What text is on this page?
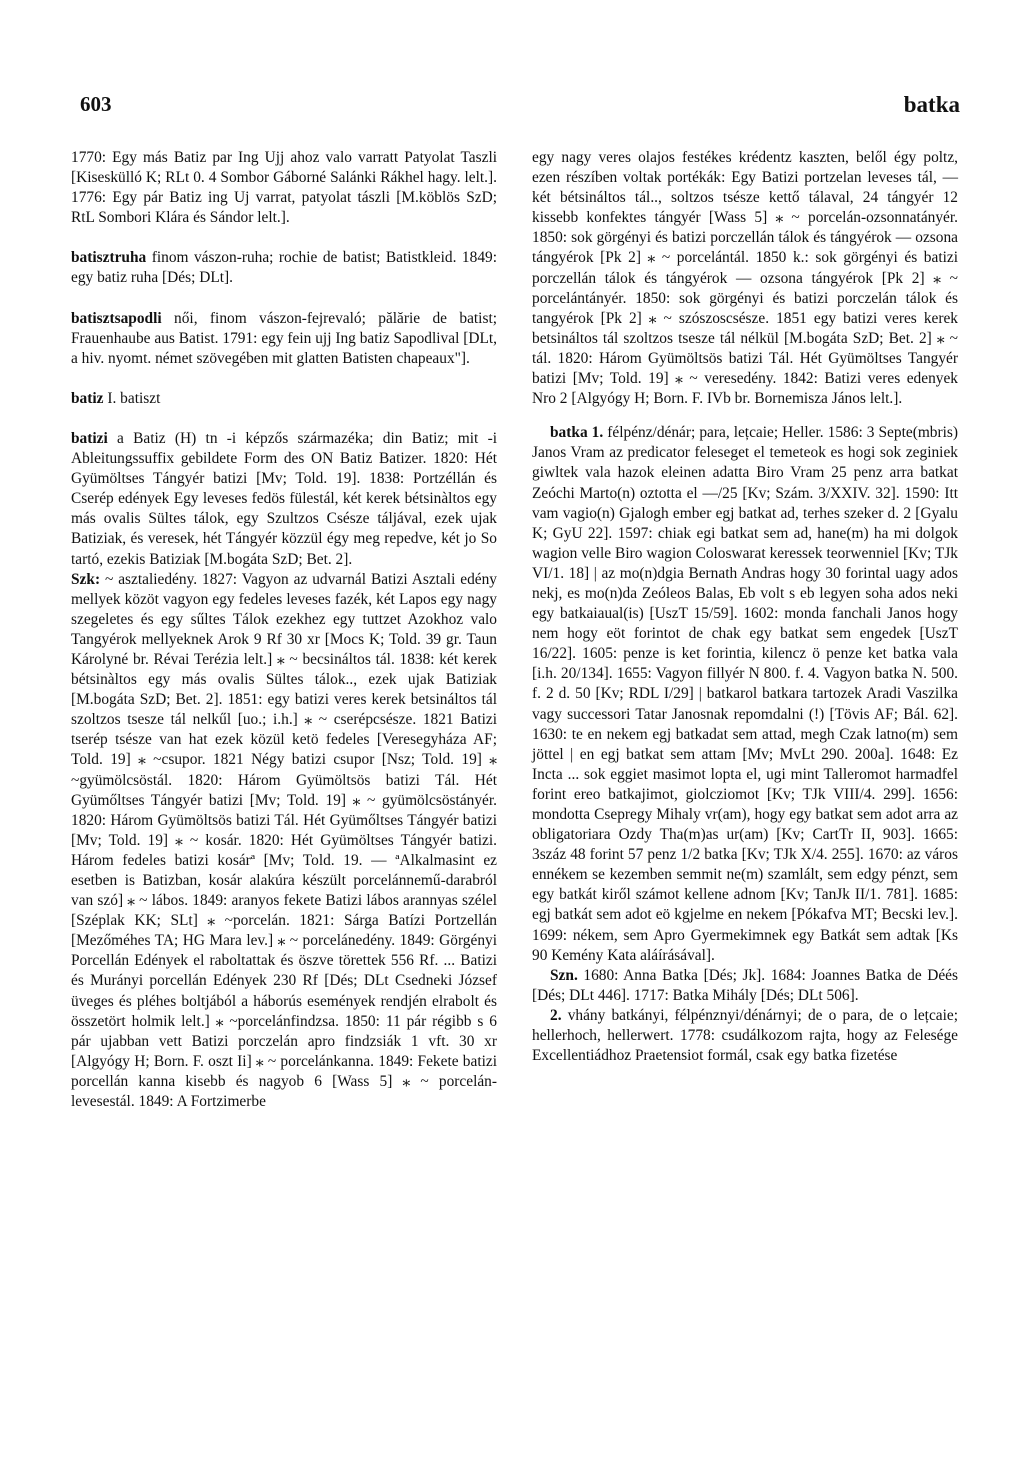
603	batka

1770: Egy más Batiz par Ing Ujj ahoz valo varratt Patyolat Taszli [Kiseskülló K; RLt 0. 4 Sombor Gáborné Salánki Rákhel hagy. lelt.]. 1776: Egy pár Batiz ing Uj varrat, patyolat tászli [M.köblös SzD; RtL Sombori Klára és Sándor lelt.].

batisztruha finom vászon-ruha; rochie de batist; Batistkleid. 1849: egy batiz ruha [Dés; DLt].

batisztsapodli női, finom vászon-fejrevaló; pălărie de batist; Frauenhaube aus Batist. 1791: egy fein ujj Ing batiz Sapodlival [DLt, a hiv. nyomt. német szövegében mit glatten Batisten chapeaux"].

batiz I. batiszt

batizi a Batiz (H) tn -i képzős származéka; din Batiz; mit -i Ableitungssuffix gebildete Form des ON Batiz Batizer. 1820: Hét Gyümöltses Tángyér batizi [Mv; Told. 19]. 1838: Portzéllán és Cserép edények Egy leveses fedös fülestál, két kerek bétsinàltos egy más ovalis Sültes tálok, egy Szultzos Csésze táljával, ezek ujak Batiziak, és veresek, hét Tángyér közzül égy meg repedve, két jo So tartó, ezekis Batiziak [M.bogáta SzD; Bet. 2].

Szk: ~ asztaliedény. 1827: Vagyon az udvarnál Batizi Asztali edény mellyek közöt vagyon egy fedeles leveses fazék, két Lapos egy nagy szegeletes és egy sűltes Tálok ezekhez egy tuttzet Azokhoz valo Tangyérok mellyeknek Arok 9 Rf 30 xr [Mocs K; Told. 39 gr. Taun Károlyné br. Révai Terézia lelt.] ⁎ ~ becsináltos tál. 1838: két kerek bétsinàltos egy más ovalis Sültes tálok.., ezek ujak Batiziak [M.bogáta SzD; Bet. 2]. 1851: egy batizi veres kerek betsináltos tál szoltzos tsesze tál nelkűl [uo.; i.h.] ⁎ ~ cserépcsésze. 1821 Batizi tserép tsésze van hat ezek közül ketö fedeles [Veresegyháza AF; Told. 19] ⁎ ~csupor. 1821 Négy batizi csupor [Nsz; Told. 19] ⁎ ~gyümölcsöstál. 1820: Három Gyümöltsös batizi Tál. Hét Gyümőltses Tángyér batizi [Mv; Told. 19] ⁎ ~ gyümölcsöstányér. 1820: Három Gyümöltsös batizi Tál. Hét Gyümőltses Tángyér batizi [Mv; Told. 19] ⁎ ~ kosár. 1820: Hét Gyümöltses Tángyér batizi. Három fedeles batizi kosárª [Mv; Told. 19. — ªAlkalmasint ez esetben is Batizban, kosár alakúra készült porcelánnemű-darabról van szó] ⁎ ~ lábos. 1849: aranyos fekete Batizi lábos arannyas szélel [Széplak KK; SLt] ⁎ ~porcelán. 1821: Sárga Batízi Portzellán [Mezőméhes TA; HG Mara lev.] ⁎ ~ porcelánedény. 1849: Görgényi Porcellán Edények el raboltattak és öszve törettek 556 Rf. ... Batizi és Murányi porcellán Edények 230 Rf [Dés; DLt Csedneki József üveges és pléhes boltjából a háborús események rendjén elrabolt és összetört holmik lelt.] ⁎ ~porcelánfindzsa. 1850: 11 pár régibb s 6 pár ujabban vett Batizi porczelán apro findzsiák 1 vft. 30 xr [Algyógy H; Born. F. oszt Ii] ⁎ ~ porcelánkanna. 1849: Fekete batizi porcellán kanna kisebb és nagyob 6 [Wass 5] ⁎ ~ porcelán-levesestál. 1849: A Fortzimerbe

egy nagy veres olajos festékes krédentz kaszten, belől égy poltz, ezen részíben voltak portékák: Egy Batizi portzelan leveses tál, — két bétsináltos tál.., soltzos tsésze kettő tálaval, 24 tángyér 12 kissebb konfektes tángyér [Wass 5] ⁎ ~ porcelán-ozsonnatányér. 1850: sok görgényi és batizi porczellán tálok és tángyérok — ozsona tángyérok [Pk 2] ⁎ ~ porcelántál. 1850 k.: sok görgényi és batizi porczellán tálok és tángyérok — ozsona tángyérok [Pk 2] ⁎ ~ porcelántányér. 1850: sok görgényi és batizi porczelán tálok és tangyérok [Pk 2] ⁎ ~ szószoscsésze. 1851 egy batizi veres kerek betsináltos tál szoltzos tsesze tál nélkül [M.bogáta SzD; Bet. 2] ⁎ ~ tál. 1820: Három Gyümöltsös batizi Tál. Hét Gyümöltses Tangyér batizi [Mv; Told. 19] ⁎ ~ veresedény. 1842: Batizi veres edenyek Nro 2 [Algyógy H; Born. F. IVb br. Bornemisza János lelt.].

batka 1. félpénz/dénár; para, lețcaie; Heller. 1586: 3 Septe(mbris) Janos Vram az predicator feleseget el temeteok es hogi sok zeginiek giwltek vala hazok eleinen adatta Biro Vram 25 penz arra batkat Zeóchi Marto(n) oztotta el —/25 [Kv; Szám. 3/XXIV. 32]. 1590: Itt vam vagio(n) Gjalogh ember egj batkat ad, terhes szeker d. 2 [Gyalu K; GyU 22]. 1597: chiak egi batkat sem ad, hane(m) ha mi dolgok wagion velle Biro wagion Coloswarat keressek teorwenniel [Kv; TJk VI/1. 18] | az mo(n)dgia Bernath Andras hogy 30 forintal uagy ados nekj, es mo(n)da Zeóleos Balas, Eb volt s eb legyen soha ados neki egy batkaiaual(is) [UszT 15/59]. 1602: monda fanchali Janos hogy nem hogy eöt forintot de chak egy batkat sem engedek [UszT 16/22]. 1605: penze is ket forintia, kilencz ö penze ket batka vala [i.h. 20/134]. 1655: Vagyon fillyér N 800. f. 4. Vagyon batka N. 500. f. 2 d. 50 [Kv; RDL I/29] | batkarol batkara tartozek Aradi Vaszilka vagy successori Tatar Janosnak repomdalni (!) [Tövis AF; Bál. 62]. 1630: te en nekem egj batkadat sem attad, megh Czak latno(m) sem jöttel | en egj batkat sem attam [Mv; MvLt 290. 200a]. 1648: Ez Incta ... sok eggiet masimot lopta el, ugi mint Talleromot harmadfel forint ereo batkajimot, giolcziomot [Kv; TJk VIII/4. 299]. 1656: mondotta Csepregy Mihaly vr(am), hogy egy batkat sem adot arra az obligatoriara Ozdy Tha(m)as ur(am) [Kv; CartTr II, 903]. 1665: 3száz 48 forint 57 penz 1/2 batka [Kv; TJk X/4. 255]. 1670: az város ennékem se kezemben semmit ne(m) szamlált, sem edgy pénzt, sem egy batkát kiről számot kellene adnom [Kv; TanJk II/1. 781]. 1685: egj batkát sem adot eö kgjelme en nekem [Pókafva MT; Becski lev.]. 1699: nékem, sem Apro Gyermekimnek egy Batkát sem adtak [Ks 90 Kemény Kata aláírásával].

Szn. 1680: Anna Batka [Dés; Jk]. 1684: Joannes Batka de Déés [Dés; DLt 446]. 1717: Batka Mihály [Dés; DLt 506].

2. vhány batkányi, félpénznyi/dénárnyi; de o para, de o lețcaie; hellerhoch, hellerwert. 1778: csudálkozom rajta, hogy az Felesége Excellentiádhoz Praetensiot formál, csak egy batka fizetése
